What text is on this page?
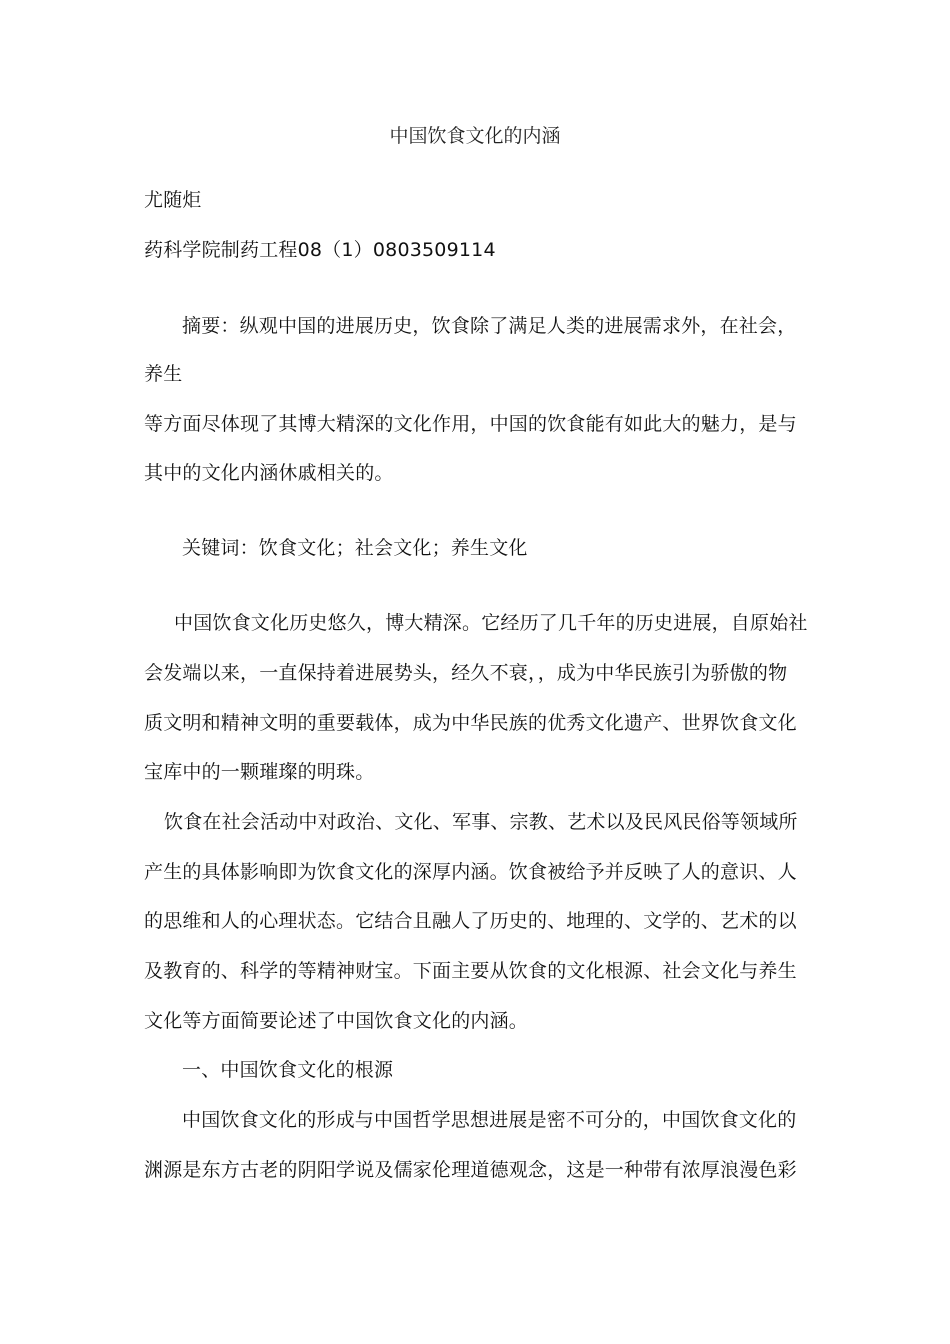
中国饮食文化的内涵
尤随炬
药科学院制药工程08（1）0803509114
摘要：纵观中国的进展历史，饮食除了满足人类的进展需求外，在社会，
养生
等方面尽体现了其博大精深的文化作用，中国的饮食能有如此大的魅力，是与
其中的文化内涵休戚相关的。
关键词：饮食文化；社会文化；养生文化
中国饮食文化历史悠久，博大精深。它经历了几千年的历史进展，自原始社
会发端以来，一直保持着进展势头，经久不衰，，成为中华民族引为骄傲的物
质文明和精神文明的重要载体，成为中华民族的优秀文化遗产、世界饮食文化
宝库中的一颗璀璨的明珠。
饮食在社会活动中对政治、文化、军事、宗教、艺术以及民风民俗等领域所
产生的具体影响即为饮食文化的深厚内涵。饮食被给予并反映了人的意识、人
的思维和人的心理状态。它结合且融人了历史的、地理的、文学的、艺术的以
及教育的、科学的等精神财宝。下面主要从饮食的文化根源、社会文化与养生
文化等方面简要论述了中国饮食文化的内涵。
一、中国饮食文化的根源
中国饮食文化的形成与中国哲学思想进展是密不可分的，中国饮食文化的
渊源是东方古老的阴阳学说及儒家伦理道德观念，这是一种带有浓厚浪漫色彩
